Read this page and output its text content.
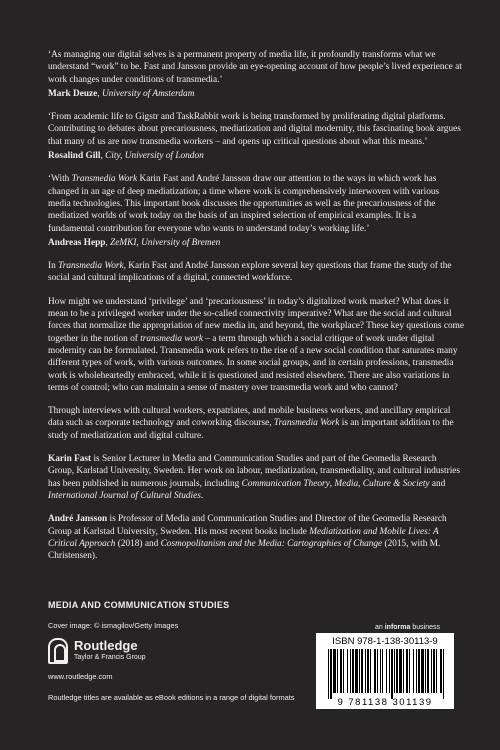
‘As managing our digital selves is a permanent property of media life, it profoundly transforms what we understand “work” to be. Fast and Jansson provide an eye-opening account of how people’s lived experience at work changes under conditions of transmedia.’

Mark Deuze, University of Amsterdam

‘From academic life to Gigstr and TaskRabbit work is being transformed by proliferating digital platforms. Contributing to debates about precariousness, mediatization and digital modernity, this fascinating book argues that many of us are now transmedia workers – and opens up critical questions about what this means.’

Rosalind Gill, City, University of London

‘With Transmedia Work Karin Fast and André Jansson draw our attention to the ways in which work has changed in an age of deep mediatization; a time where work is comprehensively interwoven with various media technologies. This important book discusses the opportunities as well as the precariousness of the mediatized worlds of work today on the basis of an inspired selection of empirical examples. It is a fundamental contribution for everyone who wants to understand today’s working life.’

Andreas Hepp, ZeMKI, University of Bremen

In Transmedia Work, Karin Fast and André Jansson explore several key questions that frame the study of the social and cultural implications of a digital, connected workforce.

How might we understand ‘privilege’ and ‘precariousness’ in today’s digitalized work market? What does it mean to be a privileged worker under the so-called connectivity imperative? What are the social and cultural forces that normalize the appropriation of new media in, and beyond, the workplace? These key questions come together in the notion of transmedia work – a term through which a social critique of work under digital modernity can be formulated. Transmedia work refers to the rise of a new social condition that saturates many different types of work, with various outcomes. In some social groups, and in certain professions, transmedia work is wholeheartedly embraced, while it is questioned and resisted elsewhere. There are also variations in terms of control; who can maintain a sense of mastery over transmedia work and who cannot?

Through interviews with cultural workers, expatriates, and mobile business workers, and ancillary empirical data such as corporate technology and coworking discourse, Transmedia Work is an important addition to the study of mediatization and digital culture.

Karin Fast is Senior Lecturer in Media and Communication Studies and part of the Geomedia Research Group, Karlstad University, Sweden. Her work on labour, mediatization, transmediality, and cultural industries has been published in numerous journals, including Communication Theory, Media, Culture & Society and International Journal of Cultural Studies.

André Jansson is Professor of Media and Communication Studies and Director of the Geomedia Research Group at Karlstad University, Sweden. His most recent books include Mediatization and Mobile Lives: A Critical Approach (2018) and Cosmopolitanism and the Media: Cartographies of Change (2015, with M. Christensen).

MEDIA AND COMMUNICATION STUDIES
Cover image: © ismagilov/Getty Images
Routledge
Taylor & Francis Group
www.routledge.com
Routledge titles are available as eBook editions in a range of digital formats
an informa business
ISBN 978-1-138-30113-9
9 781138 301139
